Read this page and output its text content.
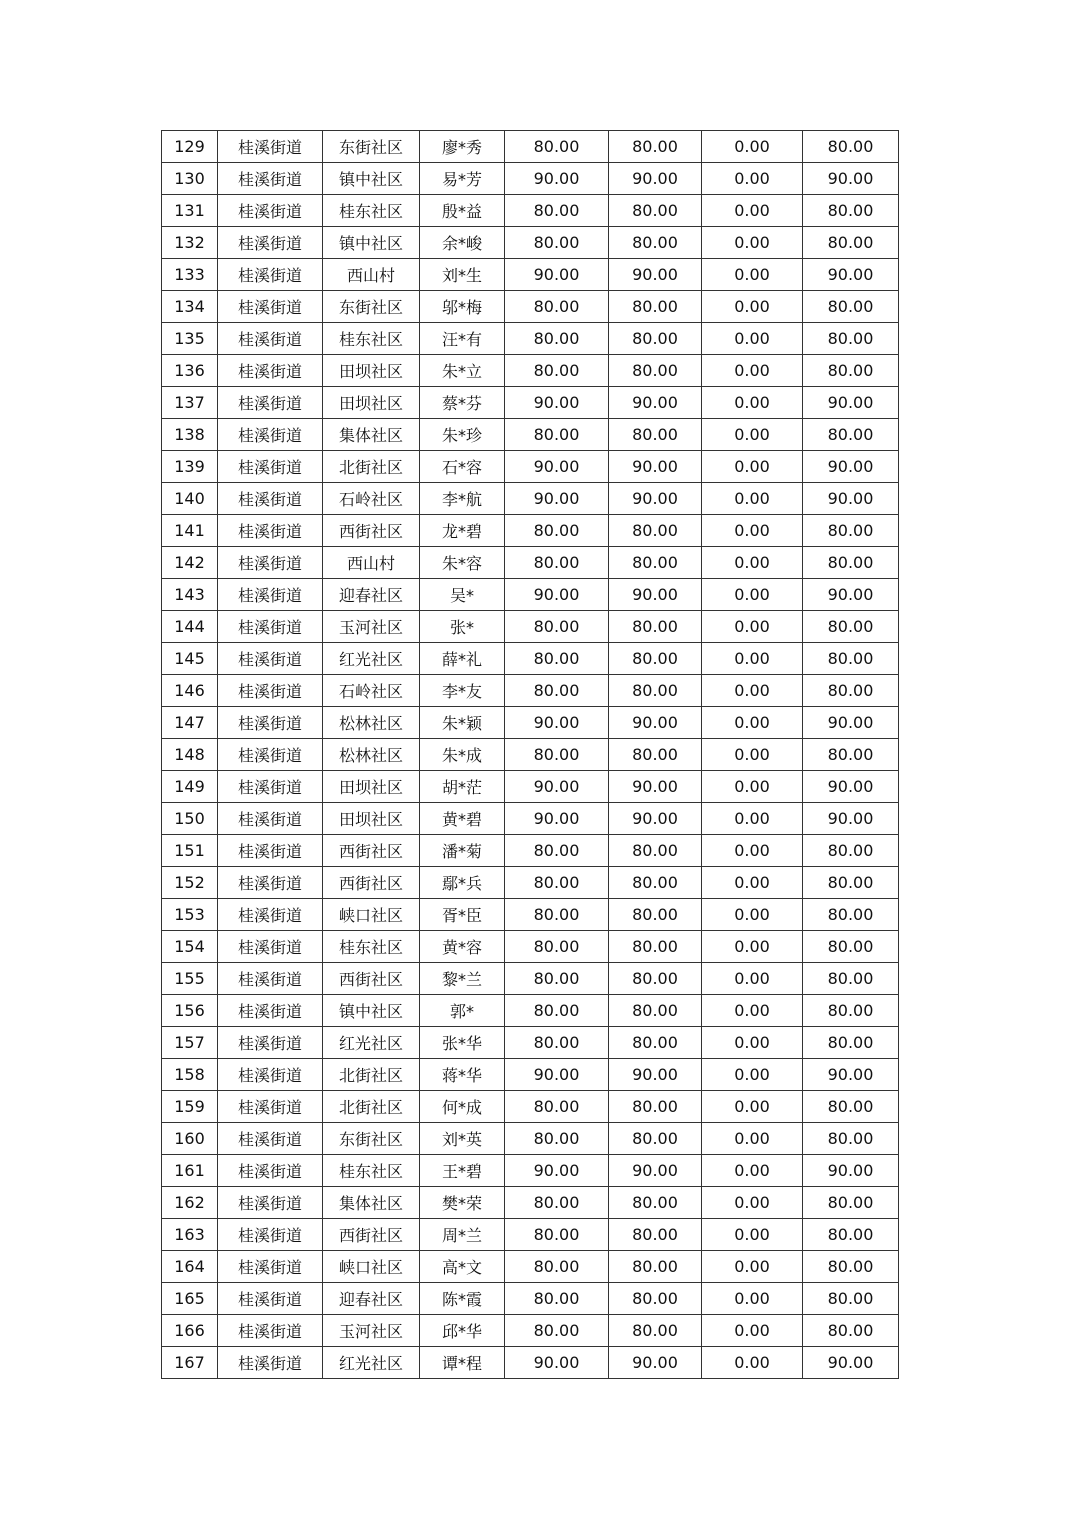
129	桂溪街道	东街社区	廖*秀	80.00	80.00	0.00	80.00
130	桂溪街道	镇中社区	易*芳	90.00	90.00	0.00	90.00
131	桂溪街道	桂东社区	殷*益	80.00	80.00	0.00	80.00
132	桂溪街道	镇中社区	余*峻	80.00	80.00	0.00	80.00
133	桂溪街道	西山村	刘*生	90.00	90.00	0.00	90.00
134	桂溪街道	东街社区	邬*梅	80.00	80.00	0.00	80.00
135	桂溪街道	桂东社区	汪*有	80.00	80.00	0.00	80.00
136	桂溪街道	田坝社区	朱*立	80.00	80.00	0.00	80.00
137	桂溪街道	田坝社区	蔡*芬	90.00	90.00	0.00	90.00
138	桂溪街道	集体社区	朱*珍	80.00	80.00	0.00	80.00
139	桂溪街道	北街社区	石*容	90.00	90.00	0.00	90.00
140	桂溪街道	石岭社区	李*航	90.00	90.00	0.00	90.00
141	桂溪街道	西街社区	龙*碧	80.00	80.00	0.00	80.00
142	桂溪街道	西山村	朱*容	80.00	80.00	0.00	80.00
143	桂溪街道	迎春社区	吴*	90.00	90.00	0.00	90.00
144	桂溪街道	玉河社区	张*	80.00	80.00	0.00	80.00
145	桂溪街道	红光社区	薛*礼	80.00	80.00	0.00	80.00
146	桂溪街道	石岭社区	李*友	80.00	80.00	0.00	80.00
147	桂溪街道	松林社区	朱*颖	90.00	90.00	0.00	90.00
148	桂溪街道	松林社区	朱*成	80.00	80.00	0.00	80.00
149	桂溪街道	田坝社区	胡*茫	90.00	90.00	0.00	90.00
150	桂溪街道	田坝社区	黄*碧	90.00	90.00	0.00	90.00
151	桂溪街道	西街社区	潘*菊	80.00	80.00	0.00	80.00
152	桂溪街道	西街社区	鄢*兵	80.00	80.00	0.00	80.00
153	桂溪街道	峡口社区	胥*臣	80.00	80.00	0.00	80.00
154	桂溪街道	桂东社区	黄*容	80.00	80.00	0.00	80.00
155	桂溪街道	西街社区	黎*兰	80.00	80.00	0.00	80.00
156	桂溪街道	镇中社区	郭*	80.00	80.00	0.00	80.00
157	桂溪街道	红光社区	张*华	80.00	80.00	0.00	80.00
158	桂溪街道	北街社区	蒋*华	90.00	90.00	0.00	90.00
159	桂溪街道	北街社区	何*成	80.00	80.00	0.00	80.00
160	桂溪街道	东街社区	刘*英	80.00	80.00	0.00	80.00
161	桂溪街道	桂东社区	王*碧	90.00	90.00	0.00	90.00
162	桂溪街道	集体社区	樊*荣	80.00	80.00	0.00	80.00
163	桂溪街道	西街社区	周*兰	80.00	80.00	0.00	80.00
164	桂溪街道	峡口社区	高*文	80.00	80.00	0.00	80.00
165	桂溪街道	迎春社区	陈*霞	80.00	80.00	0.00	80.00
166	桂溪街道	玉河社区	邱*华	80.00	80.00	0.00	80.00
167	桂溪街道	红光社区	谭*程	90.00	90.00	0.00	90.00
